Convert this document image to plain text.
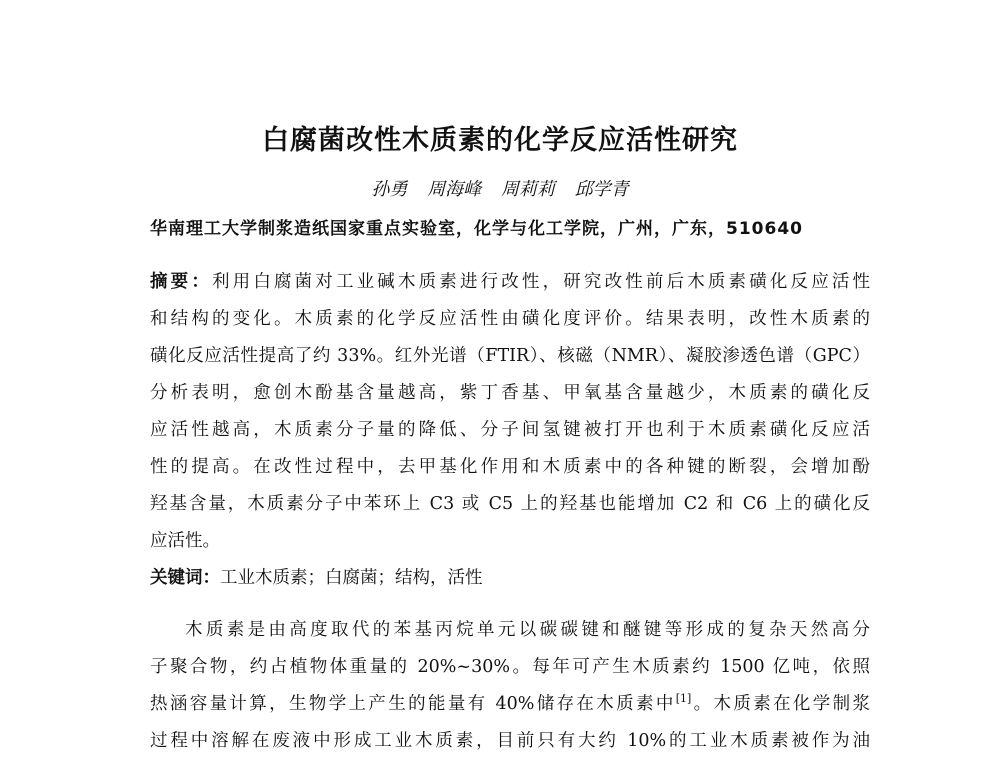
白腐菌改性木质素的化学反应活性研究
孙勇 周海峰 周莉莉 邱学青
华南理工大学制浆造纸国家重点实验室，化学与化工学院，广州，广东，510640
摘要：利用白腐菌对工业碱木质素进行改性，研究改性前后木质素磺化反应活性
和结构的变化。木质素的化学反应活性由磺化度评价。结果表明，改性木质素的
磺化反应活性提高了约 33%。红外光谱（FTIR）、核磁（NMR）、凝胶渗透色谱（GPC）
分析表明，愈创木酚基含量越高，紫丁香基、甲氧基含量越少，木质素的磺化反
应活性越高，木质素分子量的降低、分子间氢键被打开也利于木质素磺化反应活
性的提高。在改性过程中，去甲基化作用和木质素中的各种键的断裂，会增加酚
羟基含量，木质素分子中苯环上 C3 或 C5 上的羟基也能增加 C2 和 C6 上的磺化反
应活性。
关键词：工业木质素；白腐菌；结构，活性
木质素是由高度取代的苯基丙烷单元以碳碳键和醚键等形成的复杂天然高分
子聚合物，约占植物体重量的 20%~30%。每年可产生木质素约 1500 亿吨，依照
热涵容量计算，生物学上产生的能量有 40%储存在木质素中[1]。木质素在化学制浆
过程中溶解在废液中形成工业木质素，目前只有大约 10%的工业木质素被作为油
